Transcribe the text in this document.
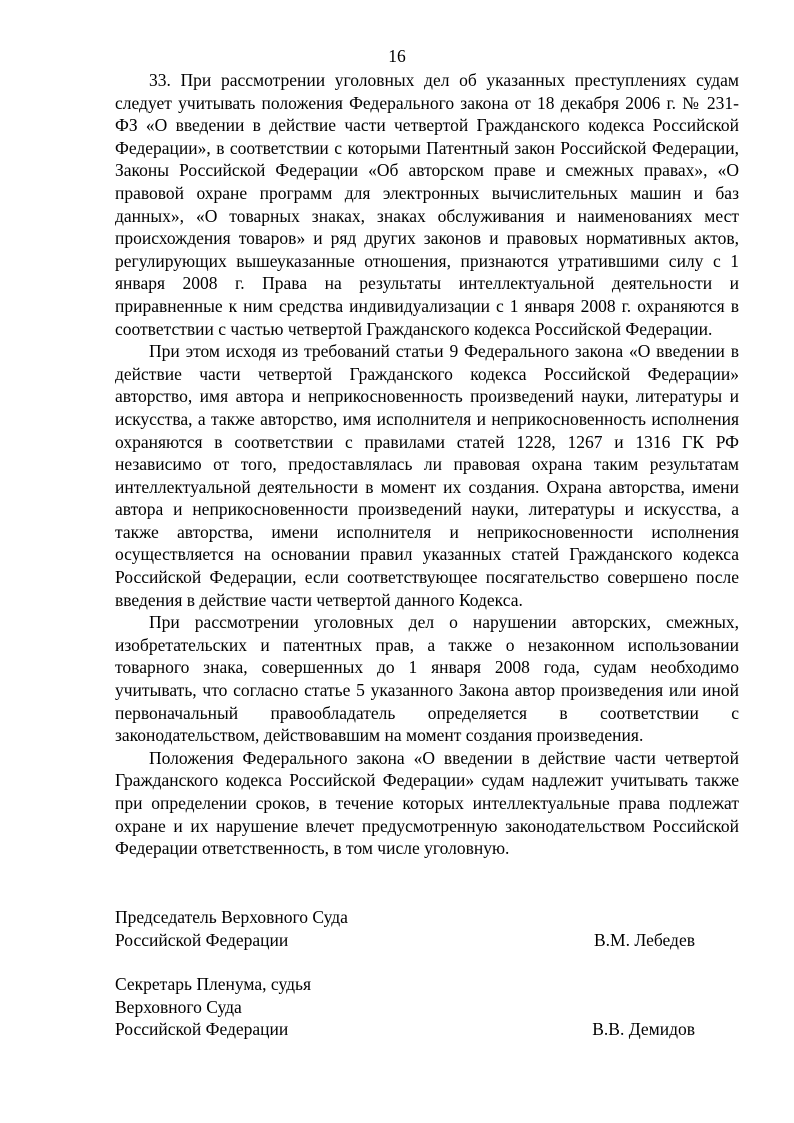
16

33. При рассмотрении уголовных дел об указанных преступлениях судам следует учитывать положения Федерального закона от 18 декабря 2006 г. № 231-ФЗ «О введении в действие части четвертой Гражданского кодекса Российской Федерации», в соответствии с которыми Патентный закон Российской Федерации, Законы Российской Федерации «Об авторском праве и смежных правах», «О правовой охране программ для электронных вычислительных машин и баз данных», «О товарных знаках, знаках обслуживания и наименованиях мест происхождения товаров» и ряд других законов и правовых нормативных актов, регулирующих вышеуказанные отношения, признаются утратившими силу с 1 января 2008 г. Права на результаты интеллектуальной деятельности и приравненные к ним средства индивидуализации с 1 января 2008 г. охраняются в соответствии с частью четвертой Гражданского кодекса Российской Федерации.

При этом исходя из требований статьи 9 Федерального закона «О введении в действие части четвертой Гражданского кодекса Российской Федерации» авторство, имя автора и неприкосновенность произведений науки, литературы и искусства, а также авторство, имя исполнителя и неприкосновенность исполнения охраняются в соответствии с правилами статей 1228, 1267 и 1316 ГК РФ независимо от того, предоставлялась ли правовая охрана таким результатам интеллектуальной деятельности в момент их создания. Охрана авторства, имени автора и неприкосновенности произведений науки, литературы и искусства, а также авторства, имени исполнителя и неприкосновенности исполнения осуществляется на основании правил указанных статей Гражданского кодекса Российской Федерации, если соответствующее посягательство совершено после введения в действие части четвертой данного Кодекса.

При рассмотрении уголовных дел о нарушении авторских, смежных, изобретательских и патентных прав, а также о незаконном использовании товарного знака, совершенных до 1 января 2008 года, судам необходимо учитывать, что согласно статье 5 указанного Закона автор произведения или иной первоначальный правообладатель определяется в соответствии с законодательством, действовавшим на момент создания произведения.

Положения Федерального закона «О введении в действие части четвертой Гражданского кодекса Российской Федерации» судам надлежит учитывать также при определении сроков, в течение которых интеллектуальные права подлежат охране и их нарушение влечет предусмотренную законодательством Российской Федерации ответственность, в том числе уголовную.

Председатель Верховного Суда
Российской Федерации	В.М. Лебедев
Секретарь Пленума, судья
Верховного Суда
Российской Федерации	В.В. Демидов
